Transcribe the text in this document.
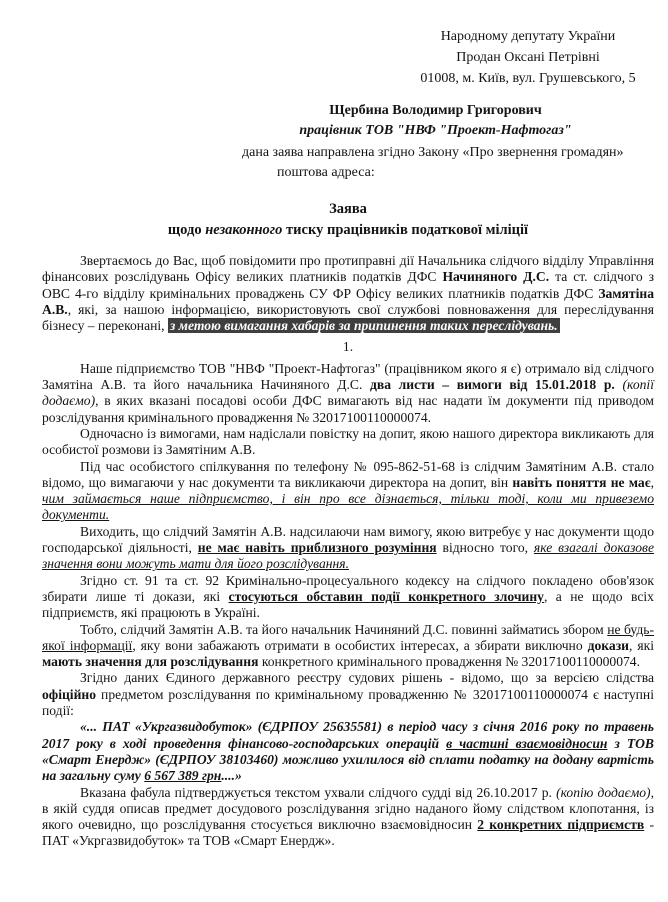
Народному депутату України
Продан Оксані Петрівні
01008, м. Київ, вул. Грушевського, 5
Щербина Володимир Григорович
працівник ТОВ "НВФ "Проект-Нафтогаз"
дана заява направлена згідно Закону «Про звернення громадян»
поштова адреса:
Заява
щодо незаконного тиску працівників податкової міліції

Звертаємось до Вас, щоб повідомити про протиправні дії Начальника слідчого відділу Управління фінансових розслідувань Офісу великих платників податків ДФС Начиняного Д.С. та ст. слідчого з ОВС 4-го відділу кримінальних проваджень СУ ФР Офісу великих платників податків ДФС Замятіна А.В., які, за нашою інформацією, використовують свої службові повноваження для переслідування бізнесу – переконані, з метою вимагання хабарів за припинення таких переслідувань.

1.

Наше підприємство ТОВ "НВФ "Проект-Нафтогаз" (працівником якого я є) отримало від слідчого Замятіна А.В. та його начальника Начиняного Д.С. два листи – вимоги від 15.01.2018 р. (копії додаємо), в яких вказані посадові особи ДФС вимагають від нас надати їм документи під приводом розслідування кримінального провадження № 32017100110000074.

Одночасно із вимогами, нам надіслали повістку на допит, якою нашого директора викликають для особистої розмови із Замятіним А.В.

Під час особистого спілкування по телефону № 095-862-51-68 із слідчим Замятіним А.В. стало відомо, що вимагаючи у нас документи та викликаючи директора на допит, він навіть поняття не має, чим займається наше підприємство, і він про все дізнається, тільки тоді, коли ми привеземо документи.

Виходить, що слідчий Замятін А.В. надсилаючи нам вимогу, якою витребує у нас документи щодо господарської діяльності, не має навіть приблизного розуміння відносно того, яке взагалі доказове значення вони можуть мати для його розслідування.

Згідно ст. 91 та ст. 92 Кримінально-процесуального кодексу на слідчого покладено обов'язок збирати лише ті докази, які стосуються обставин події конкретного злочину, а не щодо всіх підприємств, які працюють в Україні.

Тобто, слідчий Замятін А.В. та його начальник Начиняний Д.С. повинні займатись збором не будь-якої інформації, яку вони забажають отримати в особистих інтересах, а збирати виключно докази, які мають значення для розслідування конкретного кримінального провадження № 32017100110000074.

Згідно даних Єдиного державного реєстру судових рішень - відомо, що за версією слідства офіційно предметом розслідування по кримінальному провадженню № 32017100110000074 є наступні події:

«... ПАТ «Укргазвидобуток» (ЄДРПОУ 25635581) в період часу з січня 2016 року по травень 2017 року в ході проведення фінансово-господарських операцій в частині взаємовідносин з ТОВ «Смарт Енердж» (ЄДРПОУ 38103460) можливо ухилилося від сплати податку на додану вартість на загальну суму 6 567 389 грн....»

Вказана фабула підтверджується текстом ухвали слідчого судді від 26.10.2017 р. (копію додаємо), в якій суддя описав предмет досудового розслідування згідно наданого йому слідством клопотання, із якого очевидно, що розслідування стосується виключно взаємовідносин 2 конкретних підприємств - ПАТ «Укргазвидобуток» та ТОВ «Смарт Енердж».
